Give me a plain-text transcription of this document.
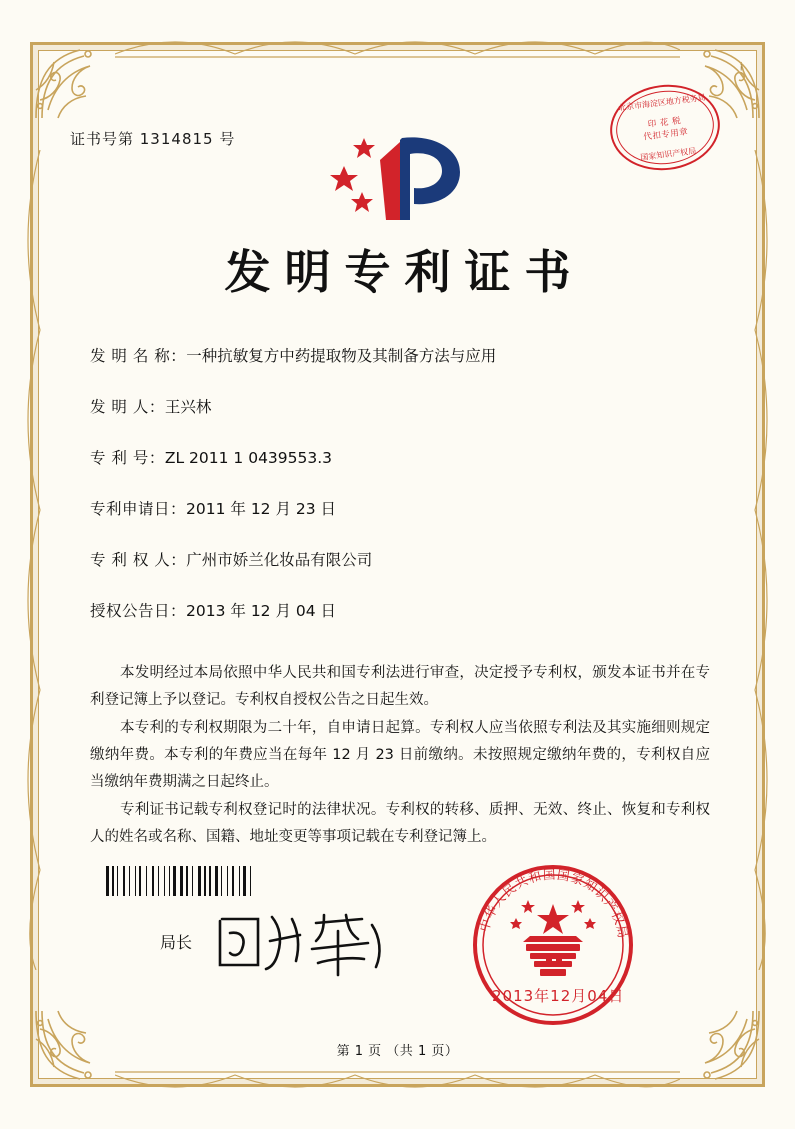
¡
证书号第 1314815 号
北京市海淀区地方税务局
印 花 税
代扣专用章
国家知识产权局
发明专利证书
发 明 名 称：一种抗敏复方中药提取物及其制备方法与应用
发 明 人：王兴林
专 利 号：ZL 2011 1 0439553.3
专利申请日：2011 年 12 月 23 日
专 利 权 人：广州市娇兰化妆品有限公司
授权公告日：2013 年 12 月 04 日

本发明经过本局依照中华人民共和国专利法进行审查，决定授予专利权，颁发本证书并在专利登记簿上予以登记。专利权自授权公告之日起生效。

本专利的专利权期限为二十年，自申请日起算。专利权人应当依照专利法及其实施细则规定缴纳年费。本专利的年费应当在每年 12 月 23 日前缴纳。未按照规定缴纳年费的，专利权自应当缴纳年费期满之日起终止。

专利证书记载专利权登记时的法律状况。专利权的转移、质押、无效、终止、恢复和专利权人的姓名或名称、国籍、地址变更等事项记载在专利登记簿上。

局长
中华人民共和国国家知识产权局
2013年12月04日
第 1 页 （共 1 页）
